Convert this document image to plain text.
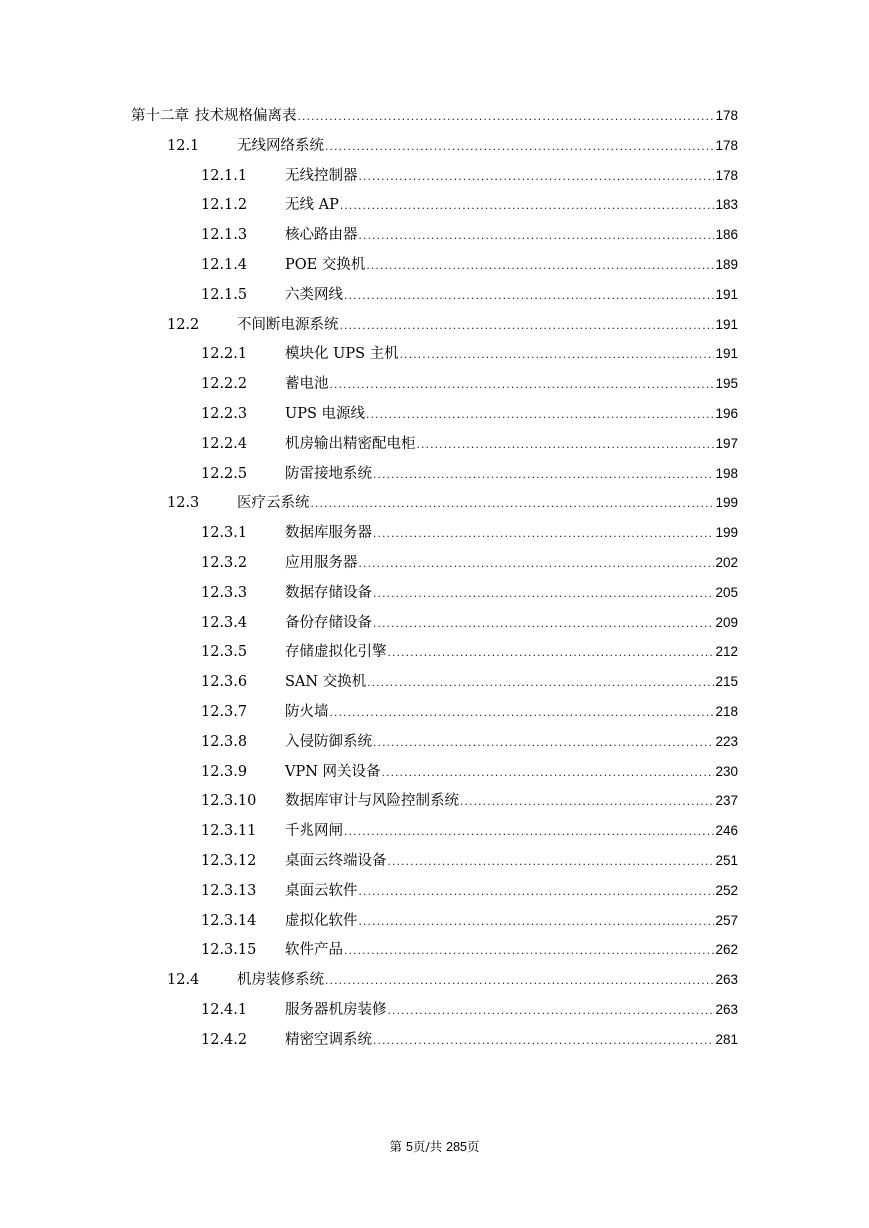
第十二章 技术规格偏离表 .....	178
12.1	无线网络系统 .....	178
12.1.1	无线控制器 .....	178
12.1.2	无线 AP .....	183
12.1.3	核心路由器 .....	186
12.1.4	POE 交换机 .....	189
12.1.5	六类网线 .....	191
12.2	不间断电源系统 .....	191
12.2.1	模块化 UPS 主机 .....	191
12.2.2	蓄电池 .....	195
12.2.3	UPS 电源线 .....	196
12.2.4	机房输出精密配电柜 .....	197
12.2.5	防雷接地系统 .....	198
12.3	医疗云系统 .....	199
12.3.1	数据库服务器 .....	199
12.3.2	应用服务器 .....	202
12.3.3	数据存储设备 .....	205
12.3.4	备份存储设备 .....	209
12.3.5	存储虚拟化引擎 .....	212
12.3.6	SAN 交换机 .....	215
12.3.7	防火墙 .....	218
12.3.8	入侵防御系统 .....	223
12.3.9	VPN 网关设备 .....	230
12.3.10	数据库审计与风险控制系统 .....	237
12.3.11	千兆网闸 .....	246
12.3.12	桌面云终端设备 .....	251
12.3.13	桌面云软件 .....	252
12.3.14	虚拟化软件 .....	257
12.3.15	软件产品 .....	262
12.4	机房装修系统 .....	263
12.4.1	服务器机房装修 .....	263
12.4.2	精密空调系统 .....	281
第 5页/共 285页
